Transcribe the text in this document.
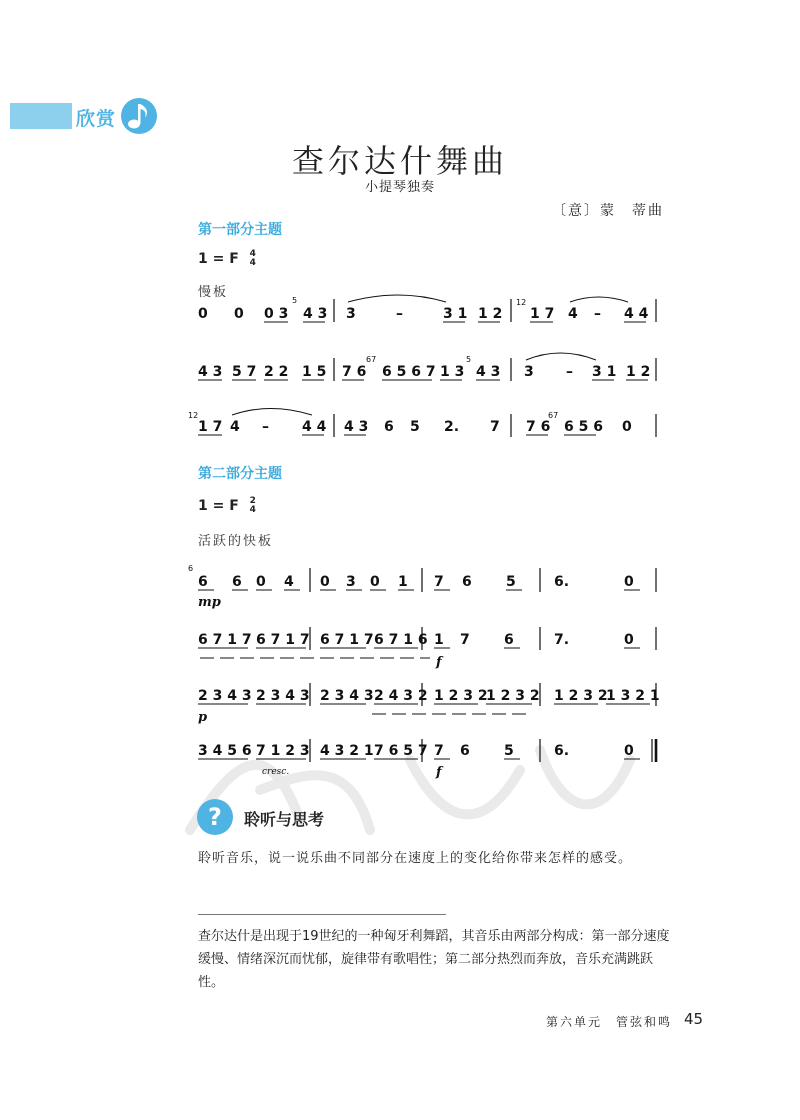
欣赏
查尔达什舞曲
小提琴独奏
〔意〕蒙　蒂曲
第一部分主题
1 = F 4
4
慢板
第二部分主题
1 = F 2
4
活跃的快板
0 0 0 3
5
4 3 3	–	3 1 1 2
12
1 7 4 – 4 4
4 3 5 7 2 2 1 5 7 6
67
6 5 6 7 1 3
5
4 3 3 – 3 1 1 2
12
1 7 4 – 4 4 4 3 6 5 2. 7 7 6
67
6 5 6 0
6
6 6 0 4 0 3 0 1 7 6 5	6.	0
mp
6 7 1 7 6 7 1 7 6 7 1 7 6 7 1 6 1 7 6	7.	0
f
2 3 4 3 2 3 4 3 2 3 4 3 2 4 3 2 1 2 3 2
1 2 3 2 1 2 3 2
1 3 2 1
p
3 4 5 6 7 1 2 3 4 3 2 1 7 6 5 7 7 6 5	6.	0
cresc.	f
? 聆听与思考
聆听音乐，说一说乐曲不同部分在速度上的变化给你带来怎样的感受。
查尔达什是出现于19世纪的一种匈牙利舞蹈，其音乐由两部分构成：第一部分速度缓慢、情绪深沉而忧郁，旋律带有歌唱性；第二部分热烈而奔放，音乐充满跳跃性。
第六单元　管弦和鸣 45
